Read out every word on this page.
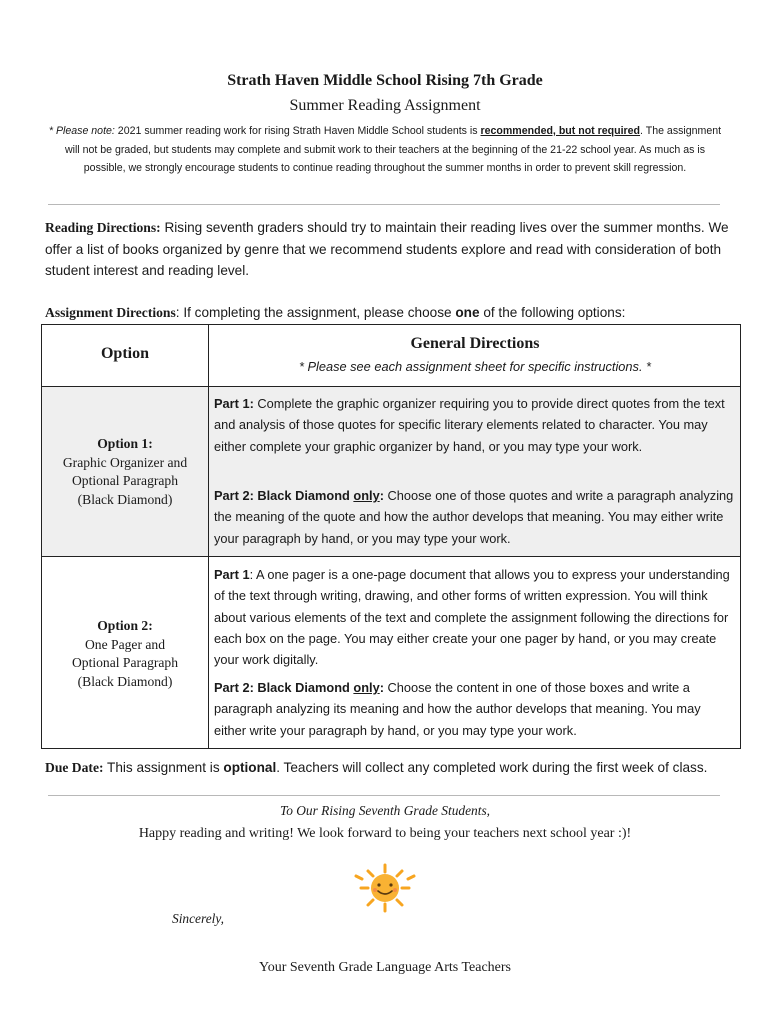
Strath Haven Middle School Rising 7th Grade
Summer Reading Assignment
* Please note: 2021 summer reading work for rising Strath Haven Middle School students is recommended, but not required. The assignment will not be graded, but students may complete and submit work to their teachers at the beginning of the 21-22 school year. As much as is possible, we strongly encourage students to continue reading throughout the summer months in order to prevent skill regression.
Reading Directions: Rising seventh graders should try to maintain their reading lives over the summer months. We offer a list of books organized by genre that we recommend students explore and read with consideration of both student interest and reading level.
Assignment Directions: If completing the assignment, please choose one of the following options:
Option
General Directions
* Please see each assignment sheet for specific instructions. *
Option 1:
Graphic Organizer and
Optional Paragraph
(Black Diamond)
Part 1: Complete the graphic organizer requiring you to provide direct quotes from the text and analysis of those quotes for specific literary elements related to character. You may either complete your graphic organizer by hand, or you may type your work.
Part 2: Black Diamond only: Choose one of those quotes and write a paragraph analyzing the meaning of the quote and how the author develops that meaning. You may either write your paragraph by hand, or you may type your work.
Option 2:
One Pager and
Optional Paragraph
(Black Diamond)
Part 1: A one pager is a one-page document that allows you to express your understanding of the text through writing, drawing, and other forms of written expression. You will think about various elements of the text and complete the assignment following the directions for each box on the page. You may either create your one pager by hand, or you may create your work digitally.
Part 2: Black Diamond only: Choose the content in one of those boxes and write a paragraph analyzing its meaning and how the author develops that meaning. You may either write your paragraph by hand, or you may type your work.
Due Date: This assignment is optional. Teachers will collect any completed work during the first week of class.
To Our Rising Seventh Grade Students,
Happy reading and writing! We look forward to being your teachers next school year :)!
Sincerely,
Your Seventh Grade Language Arts Teachers
